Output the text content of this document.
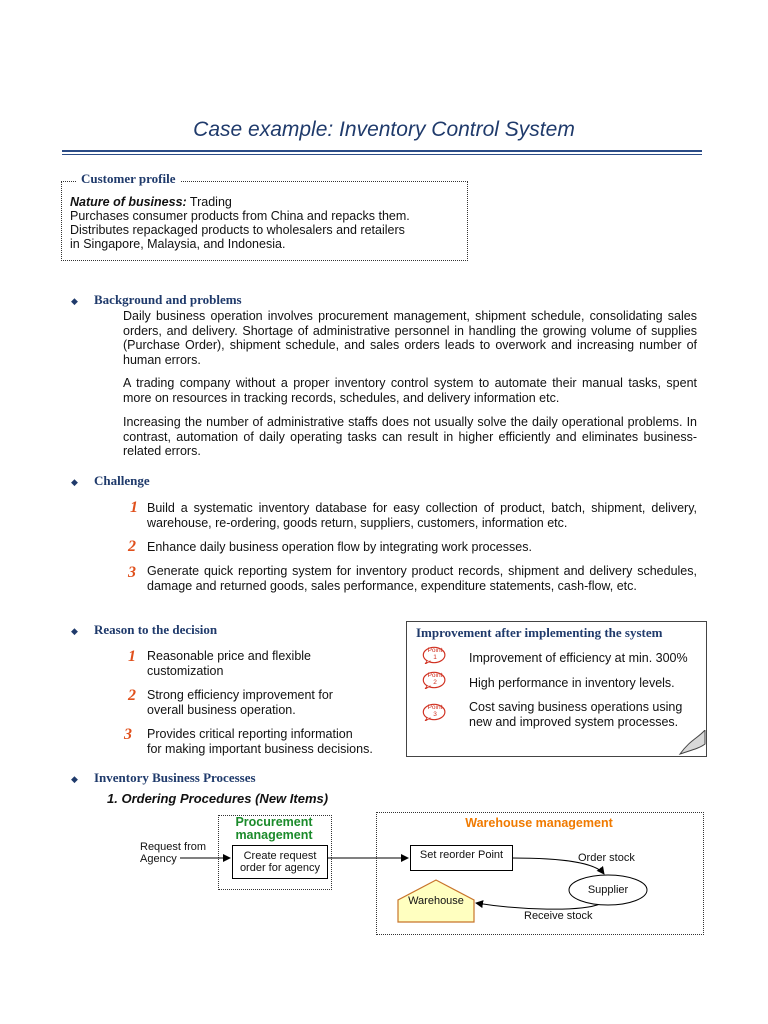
Case example: Inventory Control System
Customer profile
Nature of business: Trading
Purchases consumer products from China and repacks them.
Distributes repackaged products to wholesalers and retailers
in Singapore, Malaysia, and Indonesia.
◆ Background and problems
Daily business operation involves procurement management, shipment schedule, consolidating sales orders, and delivery. Shortage of administrative personnel in handling the growing volume of supplies (Purchase Order), shipment schedule, and sales orders leads to overwork and increasing number of human errors.
A trading company without a proper inventory control system to automate their manual tasks, spent more on resources in tracking records, schedules, and delivery information etc.
Increasing the number of administrative staffs does not usually solve the daily operational problems. In contrast, automation of daily operating tasks can result in higher efficiently and eliminates business-related errors.
◆ Challenge
1 Build a systematic inventory database for easy collection of product, batch, shipment, delivery, warehouse, re-ordering, goods return, suppliers, customers, information etc.
2 Enhance daily business operation flow by integrating work processes.
3 Generate quick reporting system for inventory product records, shipment and delivery schedules, damage and returned goods, sales performance, expenditure statements, cash-flow, etc.
◆ Reason to the decision
1 Reasonable price and flexible
customization
2 Strong efficiency improvement for
overall business operation.
3 Provides critical reporting information
for making important business decisions.
Improvement after implementing the system
Point
1	Improvement of efficiency at min. 300%
Point
2	High performance in inventory levels.
Point
3
Cost saving business operations using
new and improved system processes.
◆ Inventory Business Processes
1. Ordering Procedures (New Items)
Procurement
management
Warehouse management
Request from
Agency	Create request
order for agency
Set reorder Point	Order stock
Supplier
Warehouse
Receive stock
